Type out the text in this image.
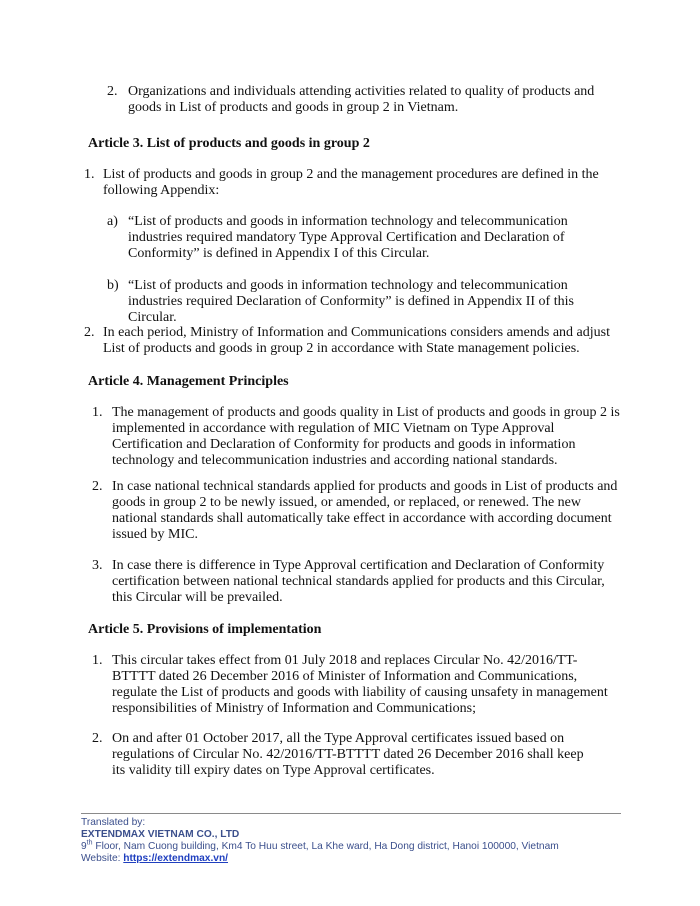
2. Organizations and individuals attending activities related to quality of products and goods in List of products and goods in group 2 in Vietnam.
Article 3. List of products and goods in group 2
1. List of products and goods in group 2 and the management procedures are defined in the following Appendix:
a) “List of products and goods in information technology and telecommunication industries required mandatory Type Approval Certification and Declaration of Conformity” is defined in Appendix I of this Circular.
b) “List of products and goods in information technology and telecommunication industries required Declaration of Conformity” is defined in Appendix II of this Circular.
2. In each period, Ministry of Information and Communications considers amends and adjust List of products and goods in group 2 in accordance with State management policies.
Article 4. Management Principles
1. The management of products and goods quality in List of products and goods in group 2 is implemented in accordance with regulation of MIC Vietnam on Type Approval Certification and Declaration of Conformity for products and goods in information technology and telecommunication industries and according national standards.
2. In case national technical standards applied for products and goods in List of products and goods in group 2 to be newly issued, or amended, or replaced, or renewed. The new national standards shall automatically take effect in accordance with according document issued by MIC.
3. In case there is difference in Type Approval certification and Declaration of Conformity certification between national technical standards applied for products and this Circular, this Circular will be prevailed.
Article 5. Provisions of implementation
1. This circular takes effect from 01 July 2018 and replaces Circular No. 42/2016/TT- BTTTT dated 26 December 2016 of Minister of Information and Communications, regulate the List of products and goods with liability of causing unsafety in management responsibilities of Ministry of Information and Communications;
2. On and after 01 October 2017, all the Type Approval certificates issued based on regulations of Circular No. 42/2016/TT-BTTTT dated 26 December 2016 shall keep its validity till expiry dates on Type Approval certificates.
Translated by:
EXTENDMAX VIETNAM CO., LTD
9th Floor, Nam Cuong building, Km4 To Huu street, La Khe ward, Ha Dong district, Hanoi 100000, Vietnam
Website: https://extendmax.vn/
